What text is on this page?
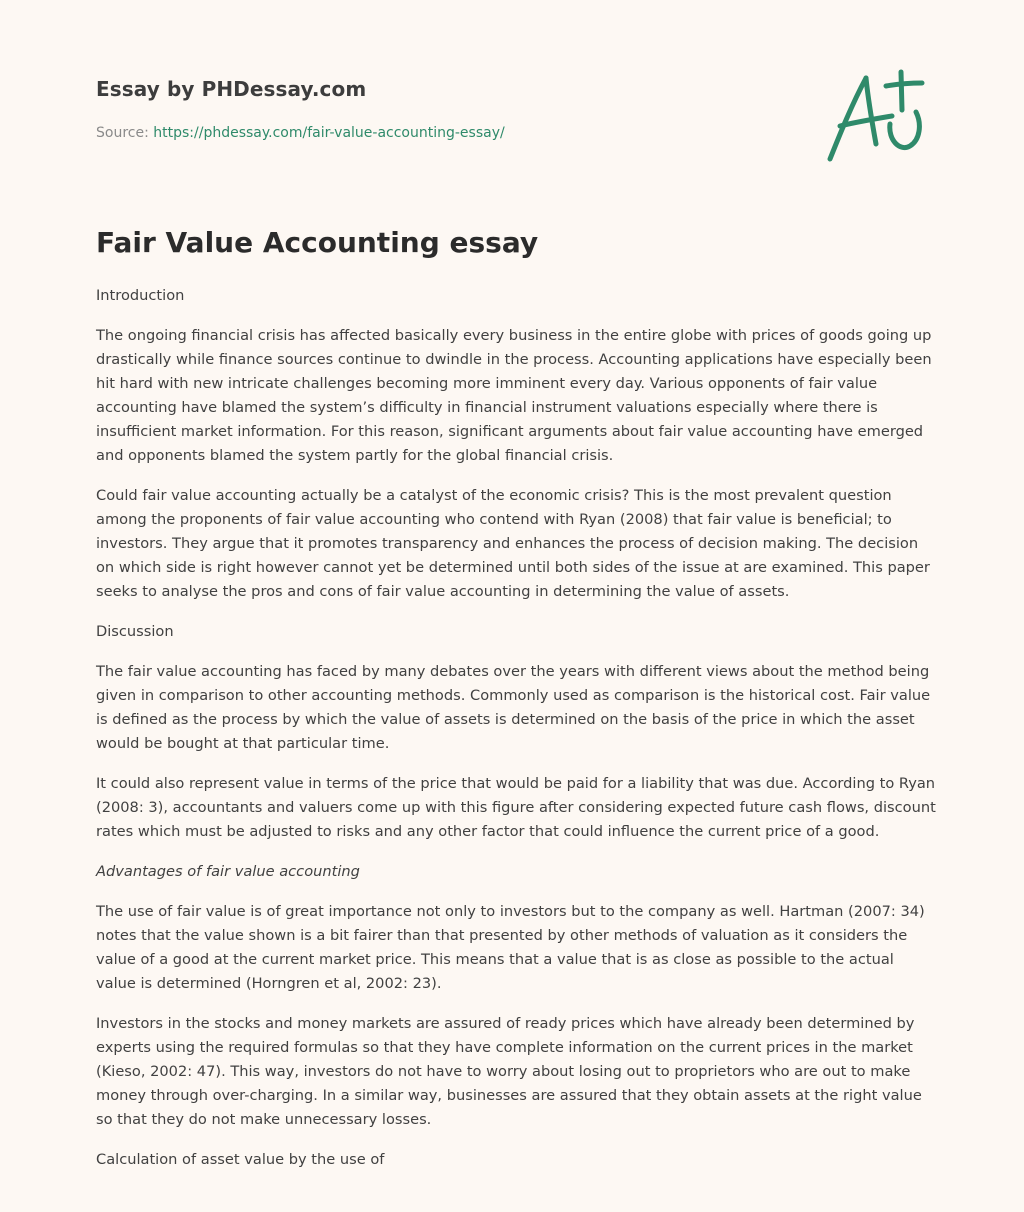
Essay by PHDessay.com
Source: https://phdessay.com/fair-value-accounting-essay/
Fair Value Accounting essay

Introduction

The ongoing financial crisis has affected basically every business in the entire globe with prices of goods going up drastically while finance sources continue to dwindle in the process. Accounting applications have especially been hit hard with new intricate challenges becoming more imminent every day. Various opponents of fair value accounting have blamed the system’s difficulty in financial instrument valuations especially where there is insufficient market information. For this reason, significant arguments about fair value accounting have emerged and opponents blamed the system partly for the global financial crisis.

Could fair value accounting actually be a catalyst of the economic crisis? This is the most prevalent question among the proponents of fair value accounting who contend with Ryan (2008) that fair value is beneficial; to investors. They argue that it promotes transparency and enhances the process of decision making. The decision on which side is right however cannot yet be determined until both sides of the issue at are examined. This paper seeks to analyse the pros and cons of fair value accounting in determining the value of assets.

Discussion

The fair value accounting has faced by many debates over the years with different views about the method being given in comparison to other accounting methods. Commonly used as comparison is the historical cost. Fair value is defined as the process by which the value of assets is determined on the basis of the price in which the asset would be bought at that particular time.

It could also represent value in terms of the price that would be paid for a liability that was due. According to Ryan (2008: 3), accountants and valuers come up with this figure after considering expected future cash flows, discount rates which must be adjusted to risks and any other factor that could influence the current price of a good.

Advantages of fair value accounting

The use of fair value is of great importance not only to investors but to the company as well. Hartman (2007: 34) notes that the value shown is a bit fairer than that presented by other methods of valuation as it considers the value of a good at the current market price. This means that a value that is as close as possible to the actual value is determined (Horngren et al, 2002: 23).

Investors in the stocks and money markets are assured of ready prices which have already been determined by experts using the required formulas so that they have complete information on the current prices in the market (Kieso, 2002: 47). This way, investors do not have to worry about losing out to proprietors who are out to make money through over-charging. In a similar way, businesses are assured that they obtain assets at the right value so that they do not make unnecessary losses.

Calculation of asset value by the use of
